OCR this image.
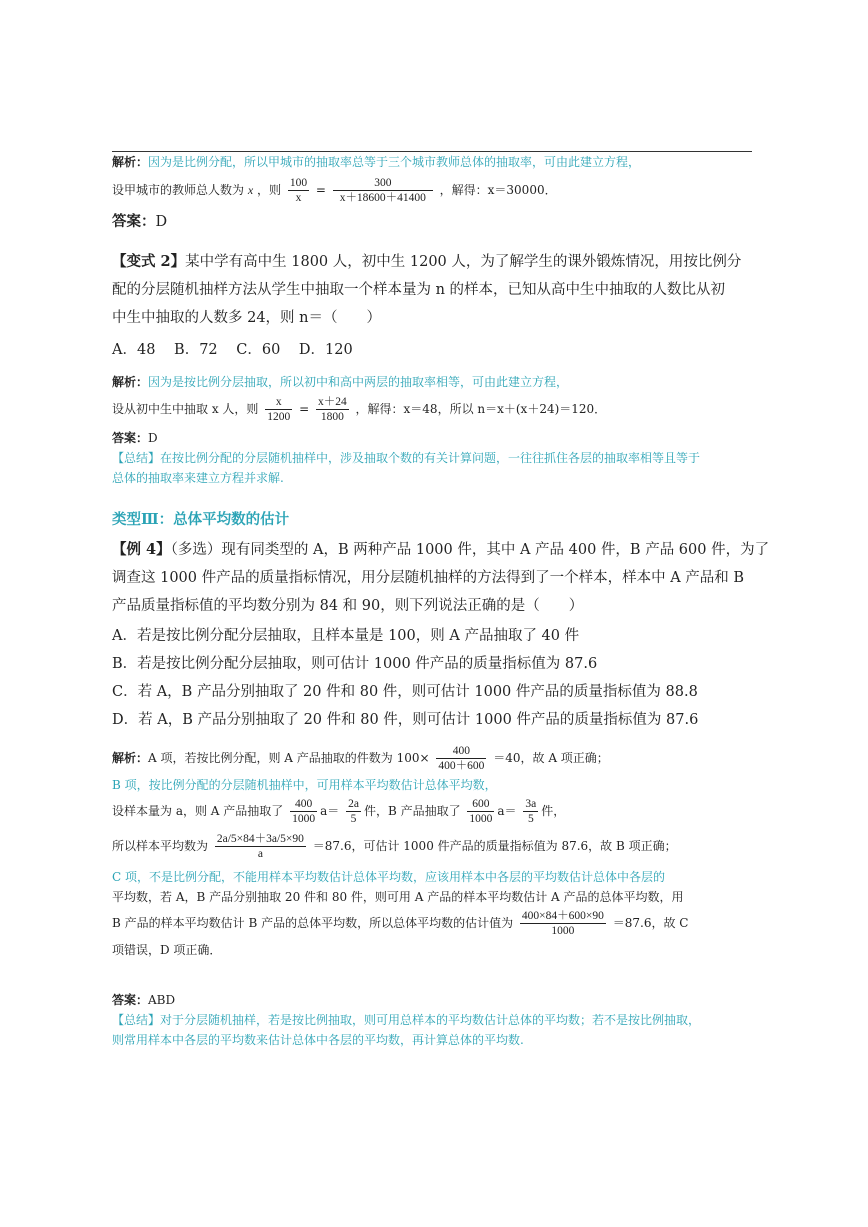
解析：因为是比例分配，所以甲城市的抽取率总等于三个城市教师总体的抽取率，可由此建立方程，
设甲城市的教师总人数为 x ，则 $\frac{100}{x} = \frac{300}{x+18600+41400}$ ，解得：x＝30000．
答案：D
【变式 2】某中学有高中生 1800 人，初中生 1200 人，为了解学生的课外锻炼情况，用按比例分
配的分层随机抽样方法从学生中抽取一个样本量为 n 的样本，已知从高中生中抽取的人数比从初
中生中抽取的人数多 24，则 n＝（　　）
A．48 B．72 C．60 D．120
解析：因为是按比例分层抽取，所以初中和高中两层的抽取率相等，可由此建立方程，
设从初中生中抽取 x 人，则 $\frac{x}{1200} = \frac{x+24}{1800}$ ，解得：x＝48，所以 n＝x＋(x＋24)＝120．
答案：D
【总结】在按比例分配的分层随机抽样中，涉及抽取个数的有关计算问题，一往往抓住各层的抽取率相等且等于
总体的抽取率来建立方程并求解.
类型Ⅲ：总体平均数的估计
【例 4】（多选）现有同类型的 A，B 两种产品 1000 件，其中 A 产品 400 件，B 产品 600 件，为了
调查这 1000 件产品的质量指标情况，用分层随机抽样的方法得到了一个样本，样本中 A 产品和 B
产品质量指标值的平均数分别为 84 和 90，则下列说法正确的是（　　）
A．若是按比例分配分层抽取，且样本量是 100，则 A 产品抽取了 40 件
B．若是按比例分配分层抽取，则可估计 1000 件产品的质量指标值为 87.6
C．若 A，B 产品分别抽取了 20 件和 80 件，则可估计 1000 件产品的质量指标值为 88.8
D．若 A，B 产品分别抽取了 20 件和 80 件，则可估计 1000 件产品的质量指标值为 87.6
解析：A 项，若按比例分配，则 A 产品抽取的件数为 $100\times \frac{400}{400+600} =40$，故 A 项正确；
B 项，按比例分配的分层随机抽样中，可用样本平均数估计总体平均数，
设样本量为 a，则 A 产品抽取了 $\frac{400}{1000} a= \frac{2a}{5}$ 件，B 产品抽取了 $\frac{600}{1000} a= \frac{3a}{5}$ 件，
所以样本平均数为 $\frac{2a/5\times 84+3a/5\times 90}{a} =87.6$，可估计 1000 件产品的质量指标值为 87.6，故 B 项正确；
C 项，不是比例分配，不能用样本平均数估计总体平均数，应该用样本中各层的平均数估计总体中各层的
平均数，若 A，B 产品分别抽取 20 件和 80 件，则可用 A 产品的样本平均数估计 A 产品的总体平均数，用
B 产品的样本平均数估计 B 产品的总体平均数，所以总体平均数的估计值为 $\frac{400\times 84+600\times 90}{1000} =87.6$，故 C
项错误，D 项正确．
答案：ABD
【总结】对于分层随机抽样，若是按比例抽取，则可用总样本的平均数估计总体的平均数；若不是按比例抽取，
则常用样本中各层的平均数来估计总体中各层的平均数，再计算总体的平均数.
